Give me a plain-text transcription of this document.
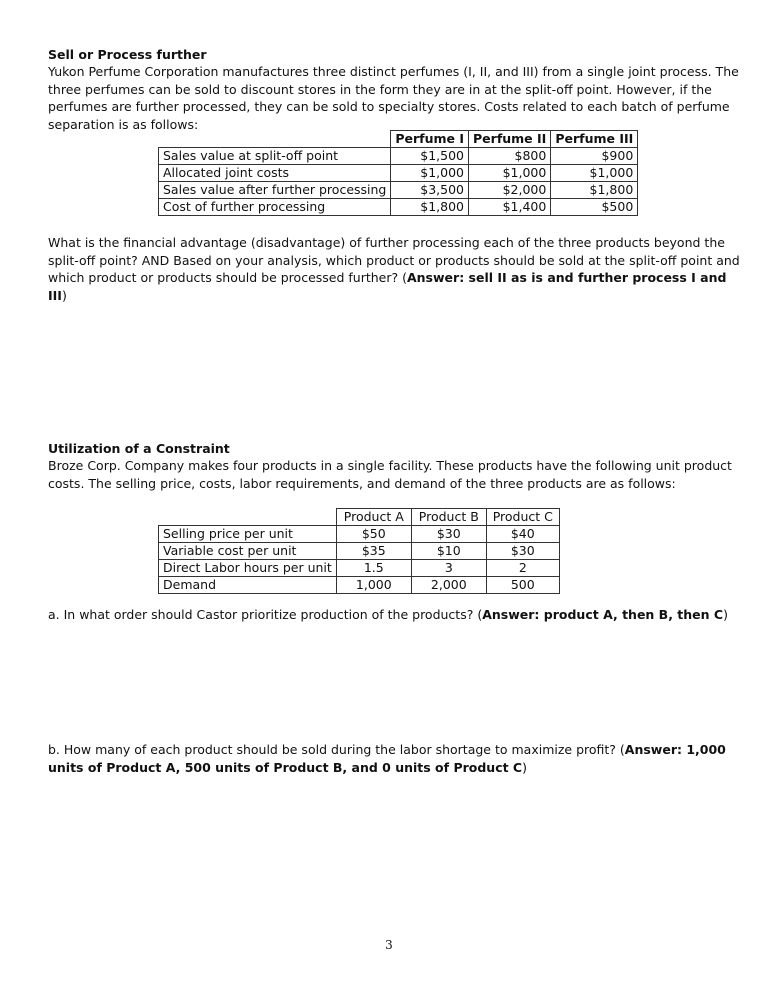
Sell or Process further

Yukon Perfume Corporation manufactures three distinct perfumes (I, II, and III) from a single joint process. The three perfumes can be sold to discount stores in the form they are in at the split-off point. However, if the perfumes are further processed, they can be sold to specialty stores. Costs related to each batch of perfume separation is as follows:

	Perfume I	Perfume II	Perfume III
Sales value at split-off point	$1,500	$800	$900
Allocated joint costs	$1,000	$1,000	$1,000
Sales value after further processing	$3,500	$2,000	$1,800
Cost of further processing	$1,800	$1,400	$500

What is the financial advantage (disadvantage) of further processing each of the three products beyond the split-off point? AND Based on your analysis, which product or products should be sold at the split-off point and which product or products should be processed further? (Answer: sell II as is and further process I and III)

Utilization of a Constraint

Broze Corp. Company makes four products in a single facility. These products have the following unit product costs. The selling price, costs, labor requirements, and demand of the three products are as follows:

	Product A	Product B	Product C
Selling price per unit	$50	$30	$40
Variable cost per unit	$35	$10	$30
Direct Labor hours per unit	1.5	3	2
Demand	1,000	2,000	500

a. In what order should Castor prioritize production of the products? (Answer: product A, then B, then C)

b. How many of each product should be sold during the labor shortage to maximize profit? (Answer: 1,000 units of Product A, 500 units of Product B, and 0 units of Product C)

3
